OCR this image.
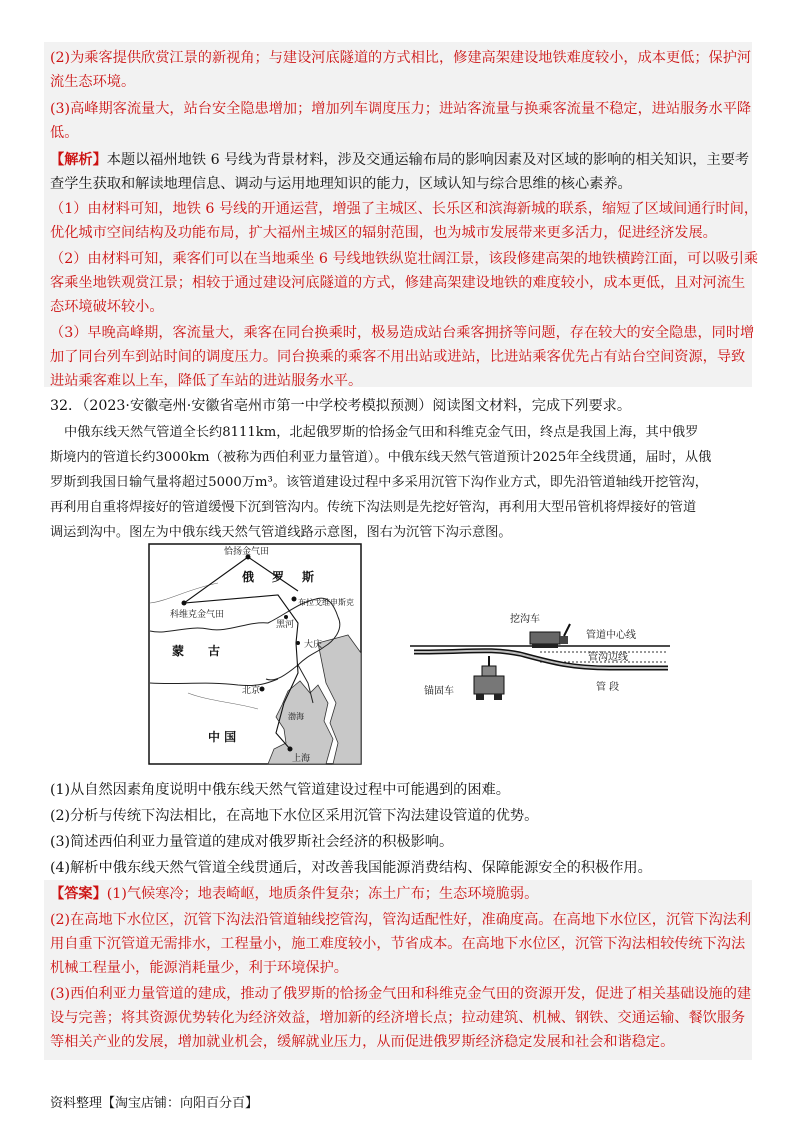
(2)为乘客提供欣赏江景的新视角；与建设河底隧道的方式相比，修建高架建设地铁难度较小，成本更低；保护河
流生态环境。
(3)高峰期客流量大，站台安全隐患增加；增加列车调度压力；进站客流量与换乘客流量不稳定，进站服务水平降
低。
【解析】本题以福州地铁 6 号线为背景材料，涉及交通运输布局的影响因素及对区域的影响的相关知识，主要考
查学生获取和解读地理信息、调动与运用地理知识的能力，区域认知与综合思维的核心素养。
（1）由材料可知，地铁 6 号线的开通运营，增强了主城区、长乐区和滨海新城的联系，缩短了区域间通行时间，
优化城市空间结构及功能布局，扩大福州主城区的辐射范围，也为城市发展带来更多活力，促进经济发展。
（2）由材料可知，乘客们可以在当地乘坐 6 号线地铁纵览壮阔江景，该段修建高架的地铁横跨江面，可以吸引乘
客乘坐地铁观赏江景；相较于通过建设河底隧道的方式，修建高架建设地铁的难度较小，成本更低，且对河流生
态环境破坏较小。
（3）早晚高峰期，客流量大，乘客在同台换乘时，极易造成站台乘客拥挤等问题，存在较大的安全隐患，同时增
加了同台列车到站时间的调度压力。同台换乘的乘客不用出站或进站，比进站乘客优先占有站台空间资源，导致
进站乘客难以上车，降低了车站的进站服务水平。
32．（2023·安徽亳州·安徽省亳州市第一中学校考模拟预测）阅读图文材料，完成下列要求。
中俄东线天然气管道全长约8111km，北起俄罗斯的恰扬金气田和科维克金气田，终点是我国上海，其中俄罗
斯境内的管道长约3000km（被称为西伯利亚力量管道）。中俄东线天然气管道预计2025年全线贯通，届时，从俄
罗斯到我国日输气量将超过5000万m³。该管道建设过程中多采用沉管下沟作业方式，即先沿管道轴线开挖管沟，
再利用自重将焊接好的管道缓慢下沉到管沟内。传统下沟法则是先挖好管沟，再利用大型吊管机将焊接好的管道
调运到沟中。图左为中俄东线天然气管道线路示意图，图右为沉管下沟示意图。
恰扬金气田
俄 罗 斯
科维克金气田
布拉戈维申斯克
黑河
蒙 古	大庆
北京
中 国
上海
渤海
挖沟车
管道中心线
管沟边线
锚固车	管 段
(1)从自然因素角度说明中俄东线天然气管道建设过程中可能遇到的困难。
(2)分析与传统下沟法相比，在高地下水位区采用沉管下沟法建设管道的优势。
(3)简述西伯利亚力量管道的建成对俄罗斯社会经济的积极影响。
(4)解析中俄东线天然气管道全线贯通后，对改善我国能源消费结构、保障能源安全的积极作用。
【答案】(1)气候寒冷；地表崎岖，地质条件复杂；冻土广布；生态环境脆弱。
(2)在高地下水位区，沉管下沟法沿管道轴线挖管沟，管沟适配性好，准确度高。在高地下水位区，沉管下沟法利
用自重下沉管道无需排水，工程量小，施工难度较小，节省成本。在高地下水位区，沉管下沟法相较传统下沟法
机械工程量小，能源消耗量少，利于环境保护。
(3)西伯利亚力量管道的建成，推动了俄罗斯的恰扬金气田和科维克金气田的资源开发，促进了相关基础设施的建
设与完善；将其资源优势转化为经济效益，增加新的经济增长点；拉动建筑、机械、钢铁、交通运输、餐饮服务
等相关产业的发展，增加就业机会，缓解就业压力，从而促进俄罗斯经济稳定发展和社会和谐稳定。
资料整理【淘宝店铺：向阳百分百】
